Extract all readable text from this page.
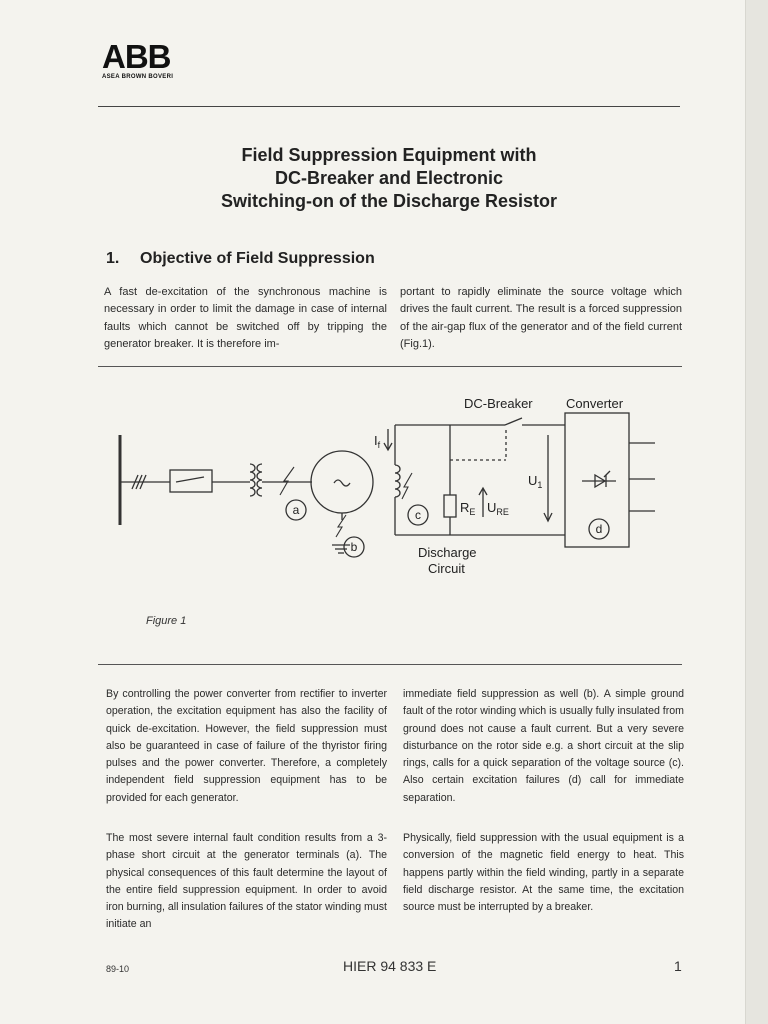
ABB
ASEA BROWN BOVERI
Field Suppression Equipment with
DC-Breaker and Electronic
Switching-on of the Discharge Resistor
1. Objective of Field Suppression
A fast de-excitation of the synchronous machine is necessary in order to limit the damage in case of internal faults which cannot be switched off by tripping the generator breaker. It is therefore im-
portant to rapidly eliminate the source voltage which drives the fault current. The result is a forced suppression of the air-gap flux of the generator and of the field current (Fig.1).
DC-Breaker	Converter
$I_f$
$U_1$
$R_E$ $U_{RE}$
Discharge
Circuit
a
b
c
d
Figure 1
By controlling the power converter from rectifier to inverter operation, the excitation equipment has also the facility of quick de-excitation. However, the field suppression must also be guaranteed in case of failure of the thyristor firing pulses and the power converter. Therefore, a completely independent field suppression equipment has to be provided for each generator.
The most severe internal fault condition results from a 3-phase short circuit at the generator terminals (a). The physical consequences of this fault determine the layout of the entire field suppression equipment. In order to avoid iron burning, all insulation failures of the stator winding must initiate an
immediate field suppression as well (b). A simple ground fault of the rotor winding which is usually fully insulated from ground does not cause a fault current. But a very severe disturbance on the rotor side e.g. a short circuit at the slip rings, calls for a quick separation of the voltage source (c). Also certain excitation failures (d) call for immediate separation.
Physically, field suppression with the usual equipment is a conversion of the magnetic field energy to heat. This happens partly within the field winding, partly in a separate field discharge resistor. At the same time, the excitation source must be interrupted by a breaker.
89-10	HIER 94 833 E	1
